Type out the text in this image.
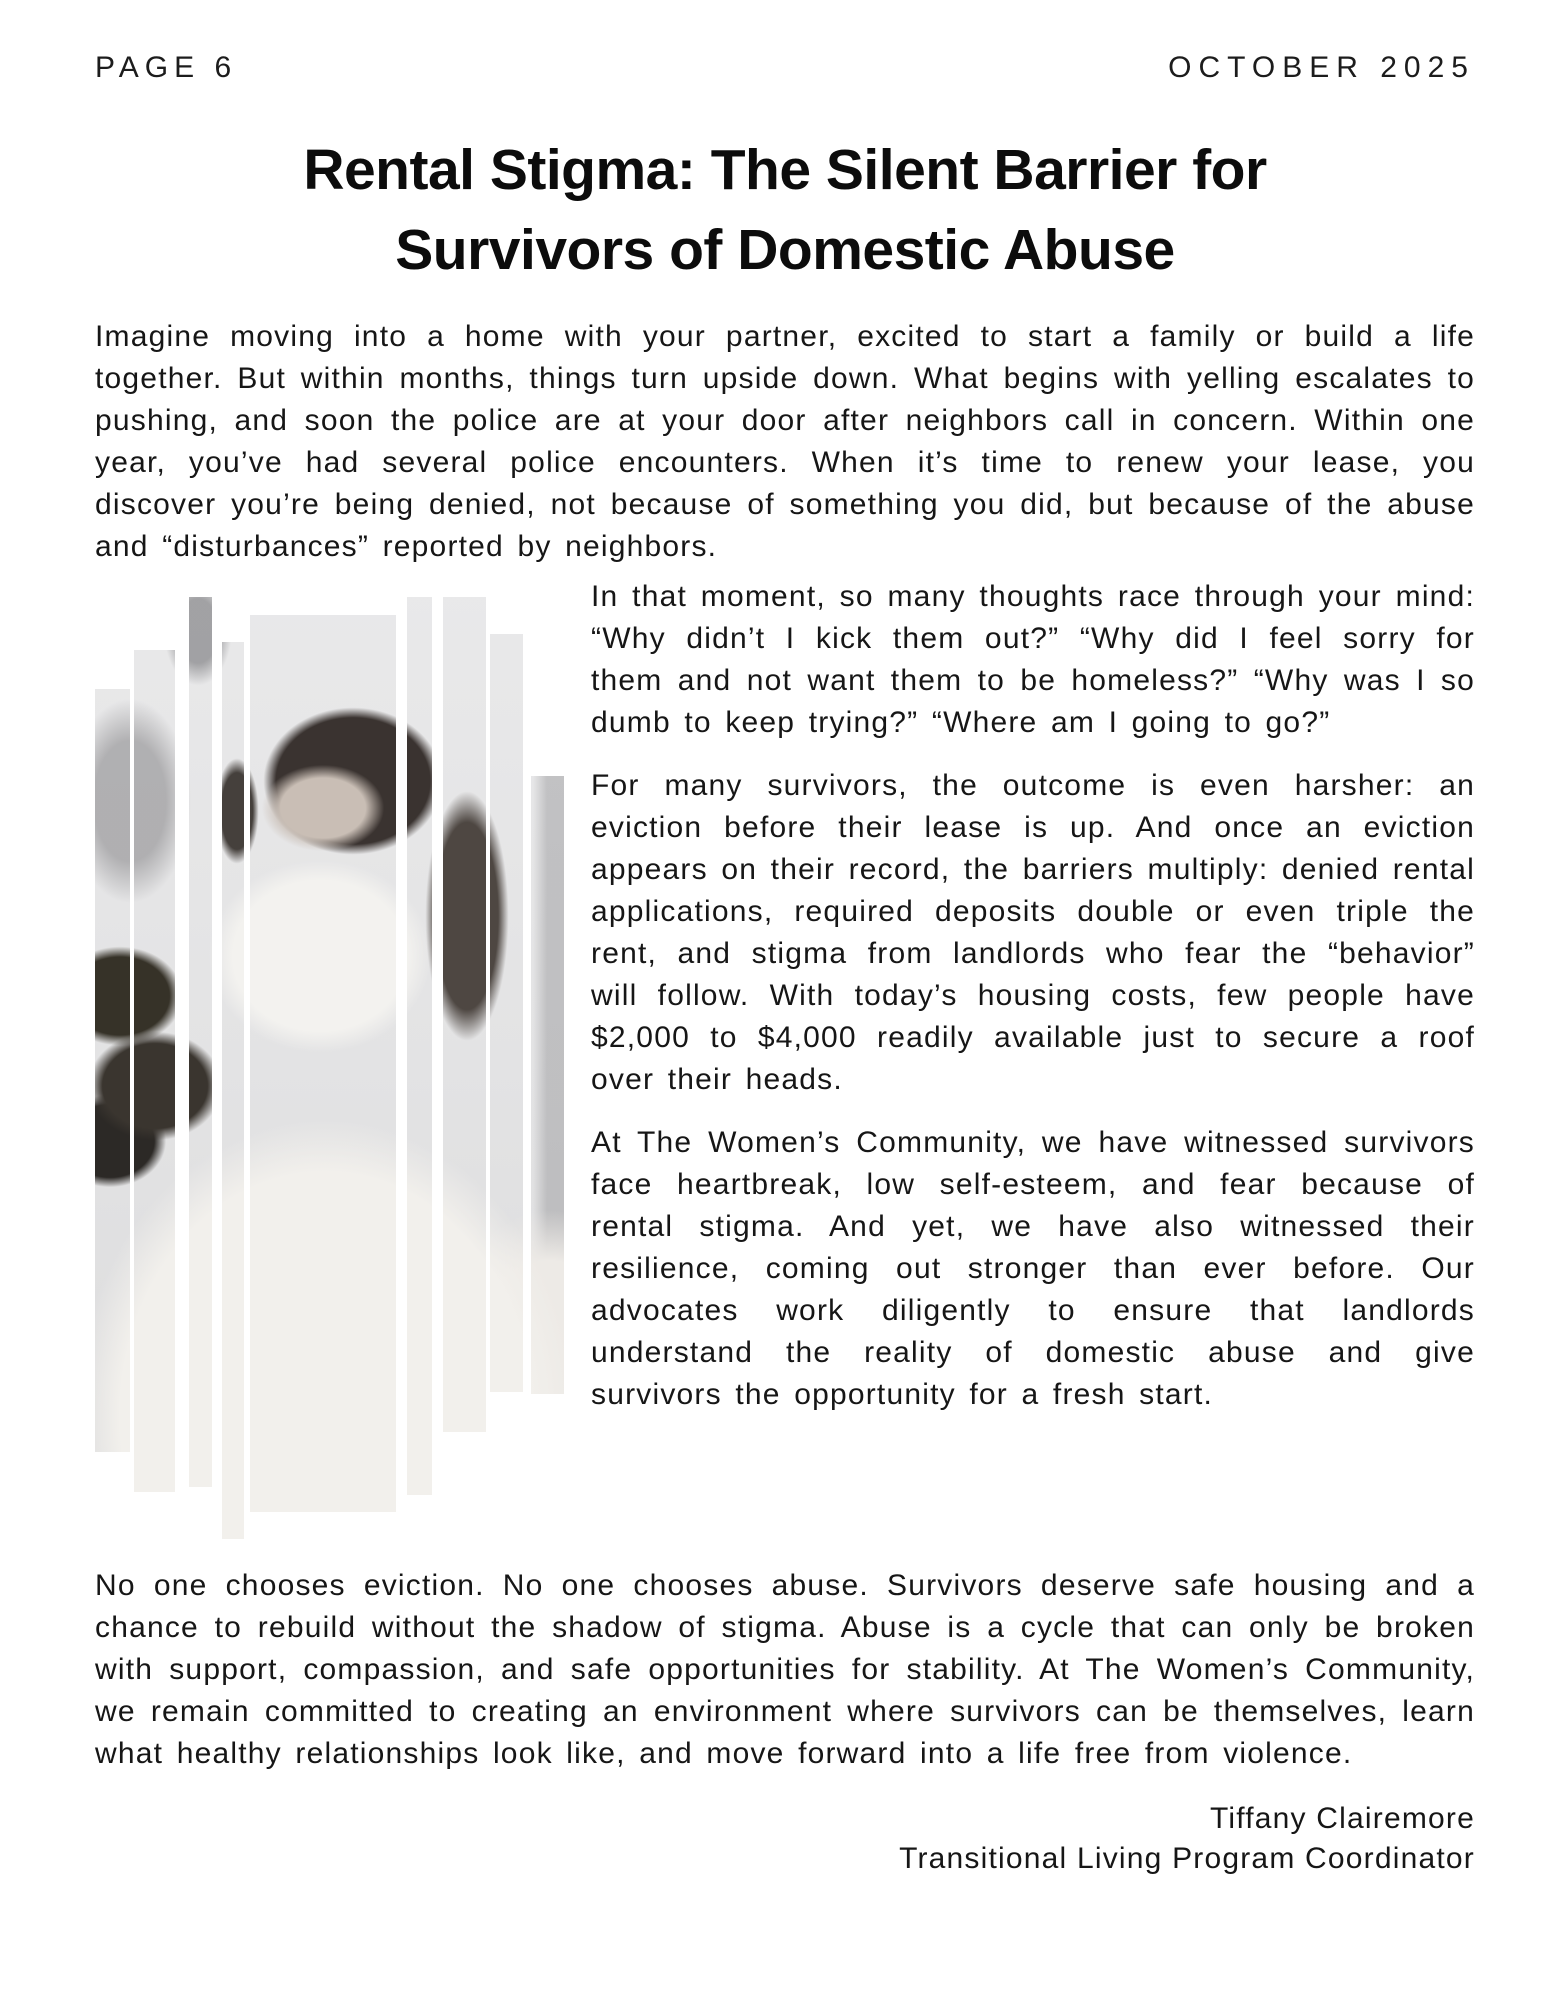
PAGE 6	OCTOBER 2025
Rental Stigma: The Silent Barrier for
Survivors of Domestic Abuse

Imagine moving into a home with your partner, excited to start a family or build a life together. But within months, things turn upside down. What begins with yelling escalates to pushing, and soon the police are at your door after neighbors call in concern. Within one year, you’ve had several police encounters. When it’s time to renew your lease, you discover you’re being denied, not because of something you did, but because of the abuse and “disturbances” reported by neighbors.

In that moment, so many thoughts race through your mind: “Why didn’t I kick them out?” “Why did I feel sorry for them and not want them to be homeless?” “Why was I so dumb to keep trying?” “Where am I going to go?”

For many survivors, the outcome is even harsher: an eviction before their lease is up. And once an eviction appears on their record, the barriers multiply: denied rental applications, required deposits double or even triple the rent, and stigma from landlords who fear the “behavior” will follow. With today’s housing costs, few people have $2,000 to $4,000 readily available just to secure a roof over their heads.

At The Women’s Community, we have witnessed survivors face heartbreak, low self-esteem, and fear because of rental stigma. And yet, we have also witnessed their resilience, coming out stronger than ever before. Our advocates work diligently to ensure that landlords understand the reality of domestic abuse and give survivors the opportunity for a fresh start.

No one chooses eviction. No one chooses abuse. Survivors deserve safe housing and a chance to rebuild without the shadow of stigma. Abuse is a cycle that can only be broken with support, compassion, and safe opportunities for stability. At The Women’s Community, we remain committed to creating an environment where survivors can be themselves, learn what healthy relationships look like, and move forward into a life free from violence.

Tiffany Clairemore
Transitional Living Program Coordinator
